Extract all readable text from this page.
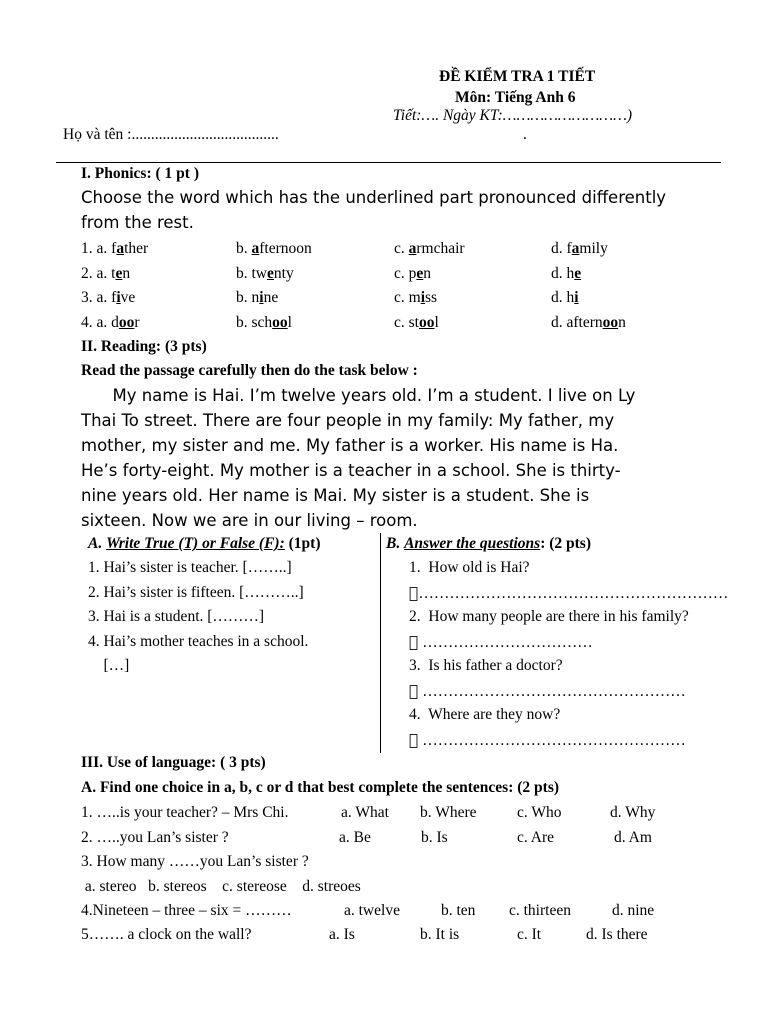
ĐỀ KIỂM TRA 1 TIẾT
Môn: Tiếng Anh 6
Tiết:…. Ngày KT:………………………)
Họ và tên :......................................	.
I. Phonics: ( 1 pt )
Choose the word which has the underlined part pronounced differently
from the rest.
1. a. father	b. afternoon	c. armchair	d. family
2. a. ten	b. twenty	c. pen	d. he
3. a. five	b. nine	c. miss	d. hi
4. a. door	b. school	c. stool	d. afternoon
II. Reading: (3 pts)
Read the passage carefully then do the task below :
My name is Hai. I’m twelve years old. I’m a student. I live on Ly
Thai To street. There are four people in my family: My father, my
mother, my sister and me. My father is a worker. His name is Ha.
He’s forty-eight. My mother is a teacher in a school. She is thirty-
nine years old. Her name is Mai. My sister is a student. She is
sixteen. Now we are in our living – room.
A. Write True (T) or False (F): (1pt)
1. Hai’s sister is teacher. [……..]
2. Hai’s sister is fifteen. [………..]
3. Hai is a student. [………]
4. Hai’s mother teaches in a school.
[…]
B. Answer the questions: (2 pts)
1.  How old is Hai?
……………………………………………………
2.  How many people are there in his family?
……………………………
3.  Is his father a doctor?
……………………………………………
4.  Where are they now?
……………………………………………
III. Use of language: ( 3 pts)
A. Find one choice in a, b, c or d that best complete the sentences: (2 pts)
1. …..is your teacher? – Mrs Chi.	a. What b. Where	c. Who	d. Why
2. …..you Lan’s sister ?	a. Be	b. Is	c. Are	d. Am
3. How many ……you Lan’s sister ?
a. stereo   b. stereos    c. stereose    d. streoes
4.Nineteen – three – six = ………	a. twelve	b. ten c. thirteen	d. nine
5……. a clock on the wall?	a. Is	b. It is	c. It	d. Is there
